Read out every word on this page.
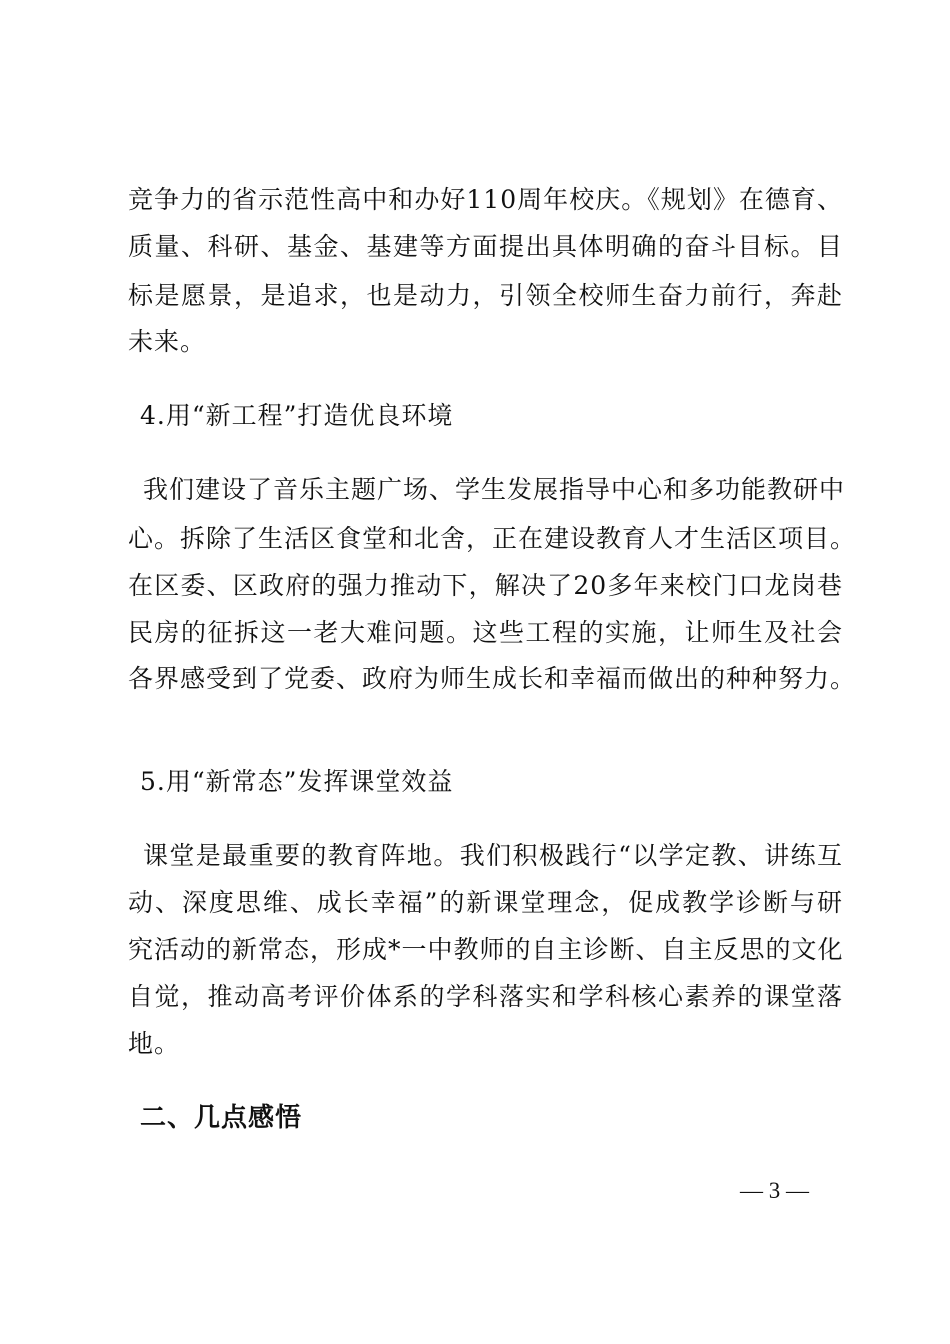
竞争力的省示范性高中和办好110周年校庆。《规划》在德育、
质量、科研、基金、基建等方面提出具体明确的奋斗目标。目
标是愿景，是追求，也是动力，引领全校师生奋力前行，奔赴
未来。
4.用“新工程”打造优良环境
我们建设了音乐主题广场、学生发展指导中心和多功能教研中
心。拆除了生活区食堂和北舍，正在建设教育人才生活区项目。
在区委、区政府的强力推动下，解决了20多年来校门口龙岗巷
民房的征拆这一老大难问题。这些工程的实施，让师生及社会
各界感受到了党委、政府为师生成长和幸福而做出的种种努力。
5.用“新常态”发挥课堂效益
课堂是最重要的教育阵地。我们积极践行“以学定教、讲练互
动、深度思维、成长幸福”的新课堂理念，促成教学诊断与研
究活动的新常态，形成*一中教师的自主诊断、自主反思的文化
自觉，推动高考评价体系的学科落实和学科核心素养的课堂落
地。
二、几点感悟
— 3 —
